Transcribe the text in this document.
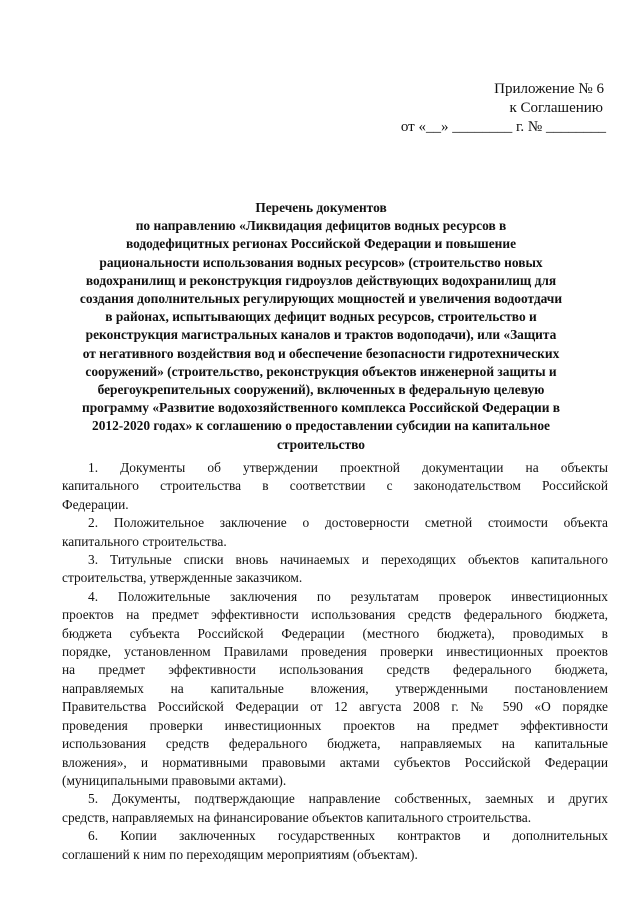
Приложение № 6
к Соглашению
от «__» ________ г. № ________
Перечень документов
по направлению «Ликвидация дефицитов водных ресурсов в
вододефицитных регионах Российской Федерации и повышение
рациональности использования водных ресурсов» (строительство новых
водохранилищ и реконструкция гидроузлов действующих водохранилищ для
создания дополнительных регулирующих мощностей и увеличения водоотдачи
в районах, испытывающих дефицит водных ресурсов, строительство и
реконструкция магистральных каналов и трактов водоподачи), или «Защита
от негативного воздействия вод и обеспечение безопасности гидротехнических
сооружений» (строительство, реконструкция объектов инженерной защиты и
берегоукрепительных сооружений), включенных в федеральную целевую
программу «Развитие водохозяйственного комплекса Российской Федерации в
2012-2020 годах» к соглашению о предоставлении субсидии на капитальное
строительство
1. Документы об утверждении проектной документации на объекты
капитального строительства в соответствии с законодательством Российской
Федерации.
2. Положительное заключение о достоверности сметной стоимости объекта
капитального строительства.
3. Титульные списки вновь начинаемых и переходящих объектов капитального
строительства, утвержденные заказчиком.
4. Положительные заключения по результатам проверок инвестиционных
проектов на предмет эффективности использования средств федерального бюджета,
бюджета субъекта Российской Федерации (местного бюджета), проводимых в
порядке, установленном Правилами проведения проверки инвестиционных проектов
на предмет эффективности использования средств федерального бюджета,
направляемых на капитальные вложения, утвержденными постановлением
Правительства Российской Федерации от 12 августа 2008 г. № 590 «О порядке
проведения проверки инвестиционных проектов на предмет эффективности
использования средств федерального бюджета, направляемых на капитальные
вложения», и нормативными правовыми актами субъектов Российской Федерации
(муниципальными правовыми актами).
5. Документы, подтверждающие направление собственных, заемных и других
средств, направляемых на финансирование объектов капитального строительства.
6. Копии заключенных государственных контрактов и дополнительных
соглашений к ним по переходящим мероприятиям (объектам).
